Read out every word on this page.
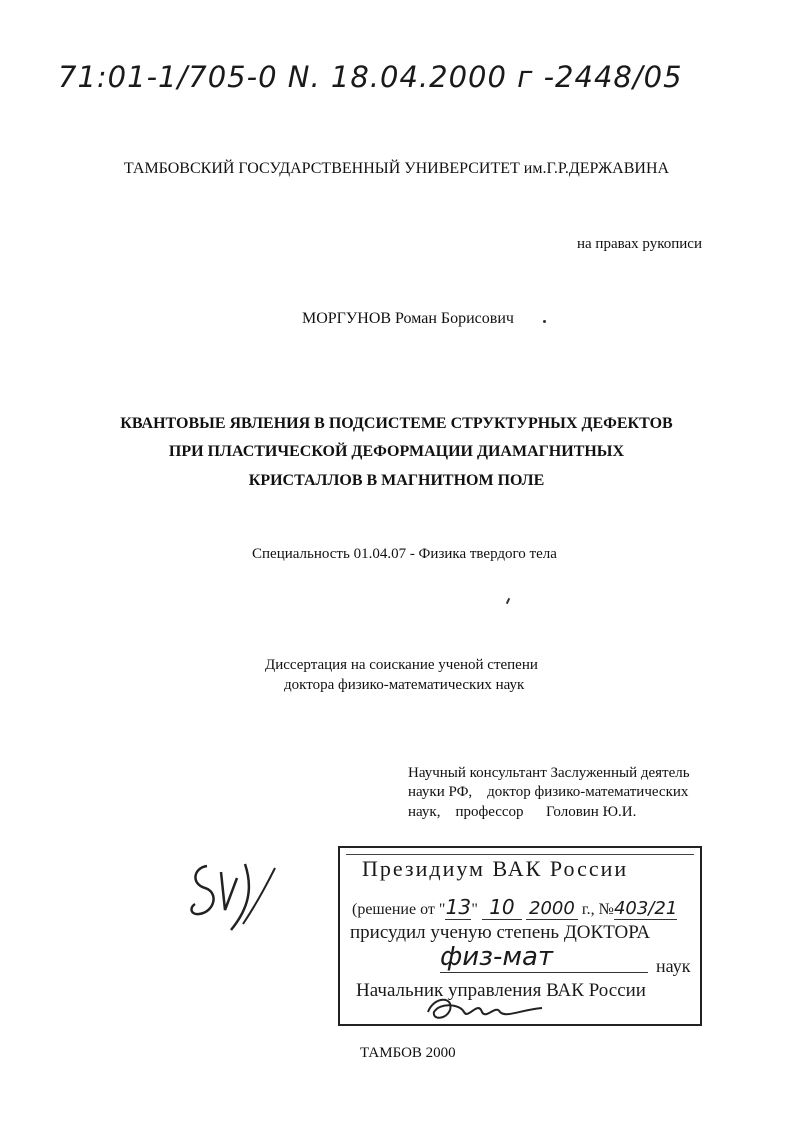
71:01-1/705-0 N. 18.04.2000 г -2448/05
ТАМБОВСКИЙ ГОСУДАРСТВЕННЫЙ УНИВЕРСИТЕТ им.Г.Р.ДЕРЖАВИНА
на правах рукописи
МОРГУНОВ Роман Борисович
КВАНТОВЫЕ ЯВЛЕНИЯ В ПОДСИСТЕМЕ СТРУКТУРНЫХ ДЕФЕКТОВ
ПРИ ПЛАСТИЧЕСКОЙ ДЕФОРМАЦИИ ДИАМАГНИТНЫХ
КРИСТАЛЛОВ В МАГНИТНОМ ПОЛЕ
Специальность 01.04.07 - Физика твердого тела
Диссертация на соискание ученой степени
доктора физико-математических наук
Научный консультант Заслуженный деятель
науки РФ,    доктор физико-математических
наук,    профессор      Головин Ю.И.
Президиум ВАК России
(решение от "13" 10 2000 г., №403/21
присудил ученую степень ДОКТОРА
физ-мат	наук
Начальник управления ВАК России
ТАМБОВ 2000
